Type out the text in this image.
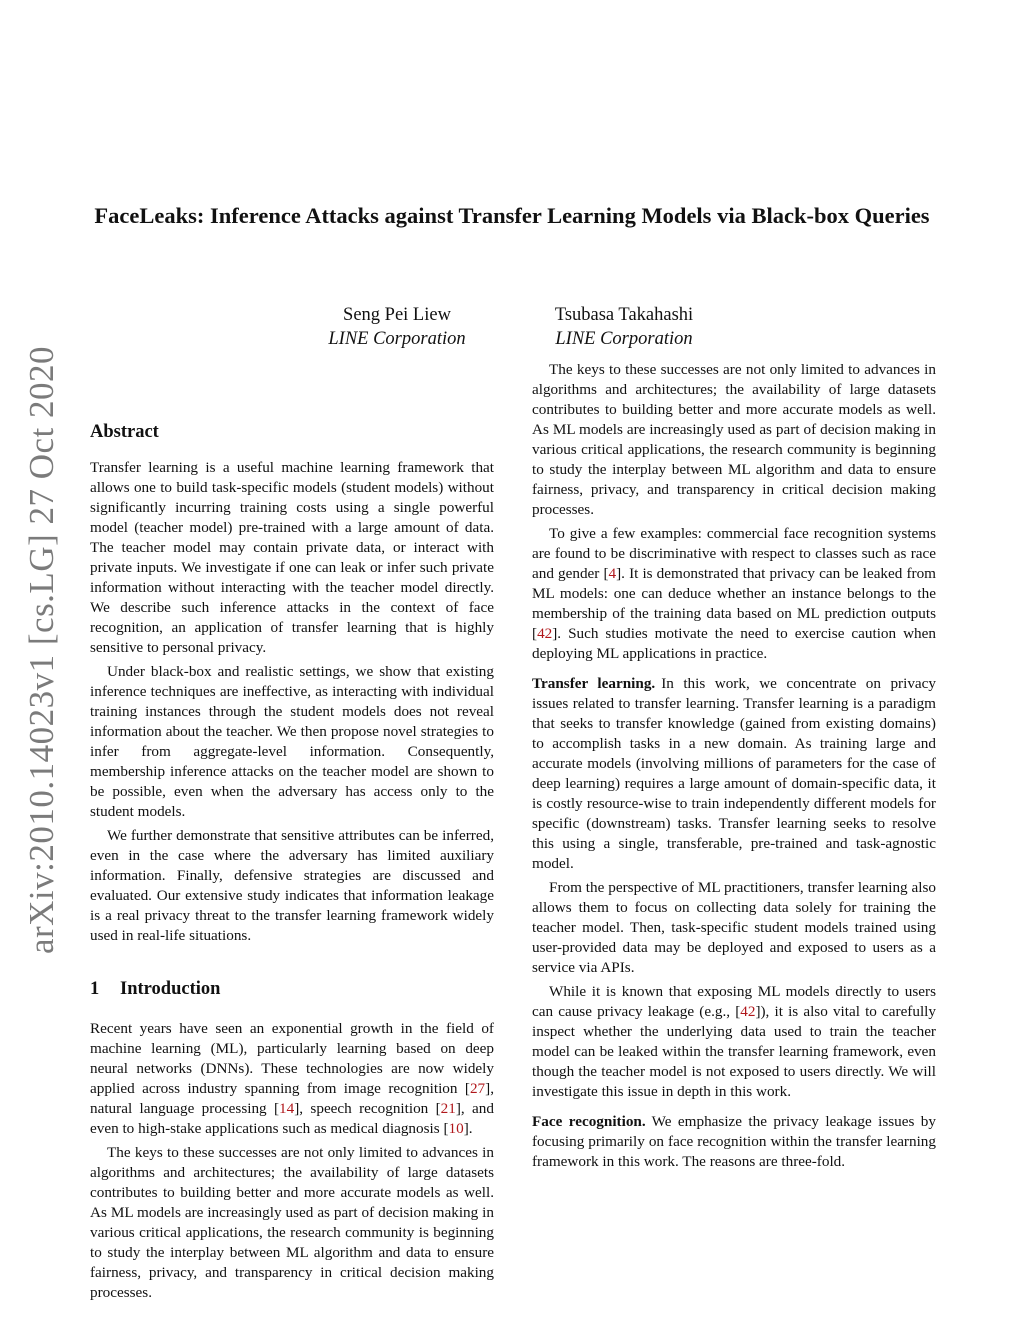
arXiv:2010.14023v1 [cs.LG] 27 Oct 2020
FaceLeaks: Inference Attacks against Transfer Learning Models via Black-box Queries
Seng Pei Liew
LINE Corporation
Tsubasa Takahashi
LINE Corporation
Abstract

Transfer learning is a useful machine learning framework that allows one to build task-specific models (student models) without significantly incurring training costs using a single powerful model (teacher model) pre-trained with a large amount of data. The teacher model may contain private data, or interact with private inputs. We investigate if one can leak or infer such private information without interacting with the teacher model directly. We describe such inference attacks in the context of face recognition, an application of transfer learning that is highly sensitive to personal privacy.

Under black-box and realistic settings, we show that existing inference techniques are ineffective, as interacting with individual training instances through the student models does not reveal information about the teacher. We then propose novel strategies to infer from aggregate-level information. Consequently, membership inference attacks on the teacher model are shown to be possible, even when the adversary has access only to the student models.

We further demonstrate that sensitive attributes can be inferred, even in the case where the adversary has limited auxiliary information. Finally, defensive strategies are discussed and evaluated. Our extensive study indicates that information leakage is a real privacy threat to the transfer learning framework widely used in real-life situations.

1 Introduction

Recent years have seen an exponential growth in the field of machine learning (ML), particularly learning based on deep neural networks (DNNs). These technologies are now widely applied across industry spanning from image recognition [27], natural language processing [14], speech recognition [21], and even to high-stake applications such as medical diagnosis [10].

The keys to these successes are not only limited to advances in algorithms and architectures; the availability of large datasets contributes to building better and more accurate models as well. As ML models are increasingly used as part of decision making in various critical applications, the research community is beginning to study the interplay between ML algorithm and data to ensure fairness, privacy, and transparency in critical decision making processes.

The keys to these successes are not only limited to advances in algorithms and architectures; the availability of large datasets contributes to building better and more accurate models as well. As ML models are increasingly used as part of decision making in various critical applications, the research community is beginning to study the interplay between ML algorithm and data to ensure fairness, privacy, and transparency in critical decision making processes.

To give a few examples: commercial face recognition systems are found to be discriminative with respect to classes such as race and gender [4]. It is demonstrated that privacy can be leaked from ML models: one can deduce whether an instance belongs to the membership of the training data based on ML prediction outputs [42]. Such studies motivate the need to exercise caution when deploying ML applications in practice.

Transfer learning. In this work, we concentrate on privacy issues related to transfer learning. Transfer learning is a paradigm that seeks to transfer knowledge (gained from existing domains) to accomplish tasks in a new domain. As training large and accurate models (involving millions of parameters for the case of deep learning) requires a large amount of domain-specific data, it is costly resource-wise to train independently different models for specific (downstream) tasks. Transfer learning seeks to resolve this using a single, transferable, pre-trained and task-agnostic model.

From the perspective of ML practitioners, transfer learning also allows them to focus on collecting data solely for training the teacher model. Then, task-specific student models trained using user-provided data may be deployed and exposed to users as a service via APIs.

While it is known that exposing ML models directly to users can cause privacy leakage (e.g., [42]), it is also vital to carefully inspect whether the underlying data used to train the teacher model can be leaked within the transfer learning framework, even though the teacher model is not exposed to users directly. We will investigate this issue in depth in this work.

Face recognition. We emphasize the privacy leakage issues by focusing primarily on face recognition within the transfer learning framework in this work. The reasons are three-fold.
